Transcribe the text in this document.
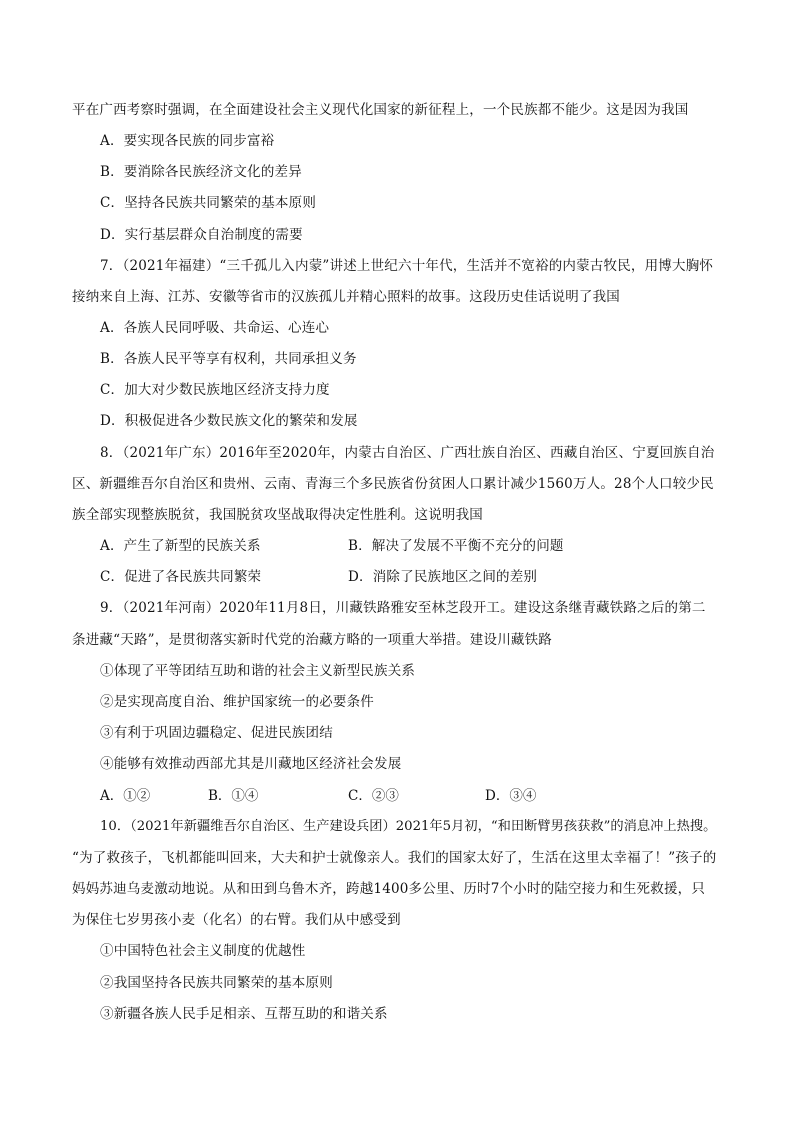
平在广西考察时强调，在全面建设社会主义现代化国家的新征程上，一个民族都不能少。这是因为我国
A．要实现各民族的同步富裕
B．要消除各民族经济文化的差异
C．坚持各民族共同繁荣的基本原则
D．实行基层群众自治制度的需要
7．（2021年福建）“三千孤儿入内蒙”讲述上世纪六十年代，生活并不宽裕的内蒙古牧民，用博大胸怀
接纳来自上海、江苏、安徽等省市的汉族孤儿并精心照料的故事。这段历史佳话说明了我国
A．各族人民同呼吸、共命运、心连心
B．各族人民平等享有权利，共同承担义务
C．加大对少数民族地区经济支持力度
D．积极促进各少数民族文化的繁荣和发展
8．（2021年广东）2016年至2020年，内蒙古自治区、广西壮族自治区、西藏自治区、宁夏回族自治
区、新疆维吾尔自治区和贵州、云南、青海三个多民族省份贫困人口累计减少1560万人。28个人口较少民
族全部实现整族脱贫，我国脱贫攻坚战取得决定性胜利。这说明我国
A．产生了新型的民族关系	B．解决了发展不平衡不充分的问题
C．促进了各民族共同繁荣	D．消除了民族地区之间的差别
9．（2021年河南）2020年11月8日，川藏铁路雅安至林芝段开工。建设这条继青藏铁路之后的第二
条进藏“天路”，是贯彻落实新时代党的治藏方略的一项重大举措。建设川藏铁路
①体现了平等团结互助和谐的社会主义新型民族关系
②是实现高度自治、维护国家统一的必要条件
③有利于巩固边疆稳定、促进民族团结
④能够有效推动西部尤其是川藏地区经济社会发展
A．①②	B．①④	C．②③	D．③④
10．（2021年新疆维吾尔自治区、生产建设兵团）2021年5月初，“和田断臂男孩获救”的消息冲上热搜。
“为了救孩子，飞机都能叫回来，大夫和护士就像亲人。我们的国家太好了，生活在这里太幸福了！”孩子的
妈妈苏迪乌麦激动地说。从和田到乌鲁木齐，跨越1400多公里、历时7个小时的陆空接力和生死救援，只
为保住七岁男孩小麦（化名）的右臂。我们从中感受到
①中国特色社会主义制度的优越性
②我国坚持各民族共同繁荣的基本原则
③新疆各族人民手足相亲、互帮互助的和谐关系
